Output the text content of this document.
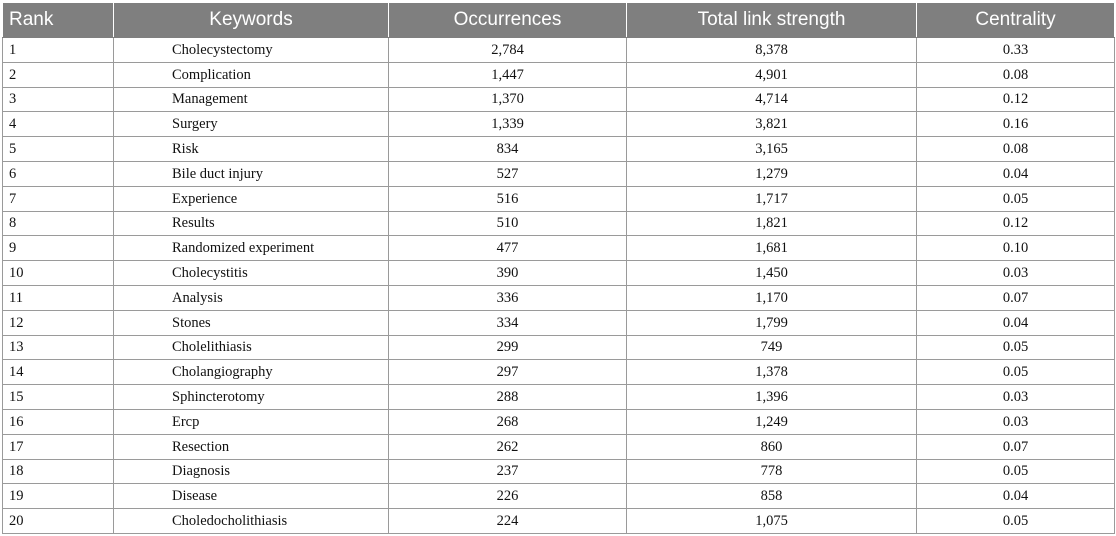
Rank	Keywords	Occurrences	Total link strength	Centrality
1	Cholecystectomy	2,784	8,378	0.33
2	Complication	1,447	4,901	0.08
3	Management	1,370	4,714	0.12
4	Surgery	1,339	3,821	0.16
5	Risk	834	3,165	0.08
6	Bile duct injury	527	1,279	0.04
7	Experience	516	1,717	0.05
8	Results	510	1,821	0.12
9	Randomized experiment	477	1,681	0.10
10	Cholecystitis	390	1,450	0.03
11	Analysis	336	1,170	0.07
12	Stones	334	1,799	0.04
13	Cholelithiasis	299	749	0.05
14	Cholangiography	297	1,378	0.05
15	Sphincterotomy	288	1,396	0.03
16	Ercp	268	1,249	0.03
17	Resection	262	860	0.07
18	Diagnosis	237	778	0.05
19	Disease	226	858	0.04
20	Choledocholithiasis	224	1,075	0.05
